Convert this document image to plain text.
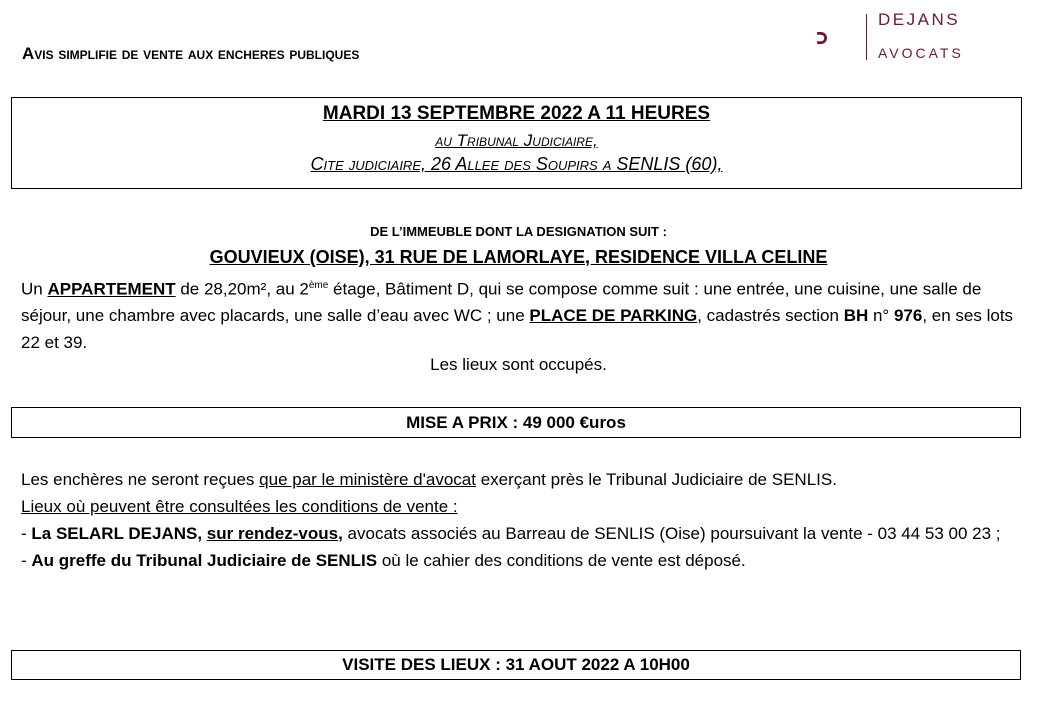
Avis simplifie de vente aux encheres publiques
DEJANS
AVOCATS
MARDI 13 SEPTEMBRE 2022 A 11 HEURES
au Tribunal Judiciaire,
Cite judiciaire, 26 Allee des Soupirs a SENLIS (60),
DE L’IMMEUBLE DONT LA DESIGNATION SUIT :
GOUVIEUX (OISE), 31 RUE DE LAMORLAYE, RESIDENCE VILLA CELINE
Un APPARTEMENT de 28,20m², au 2ème étage, Bâtiment D, qui se compose comme suit : une entrée, une cuisine, une salle de séjour, une chambre avec placards, une salle d’eau avec WC ; une PLACE DE PARKING, cadastrés section BH n° 976, en ses lots 22 et 39.
Les lieux sont occupés.
MISE A PRIX : 49 000 €uros
Les enchères ne seront reçues que par le ministère d'avocat exerçant près le Tribunal Judiciaire de SENLIS.
Lieux où peuvent être consultées les conditions de vente :
- La SELARL DEJANS, sur rendez-vous, avocats associés au Barreau de SENLIS (Oise) poursuivant la vente - 03 44 53 00 23 ;
- Au greffe du Tribunal Judiciaire de SENLIS où le cahier des conditions de vente est déposé.
VISITE DES LIEUX : 31 AOUT 2022 A 10H00
